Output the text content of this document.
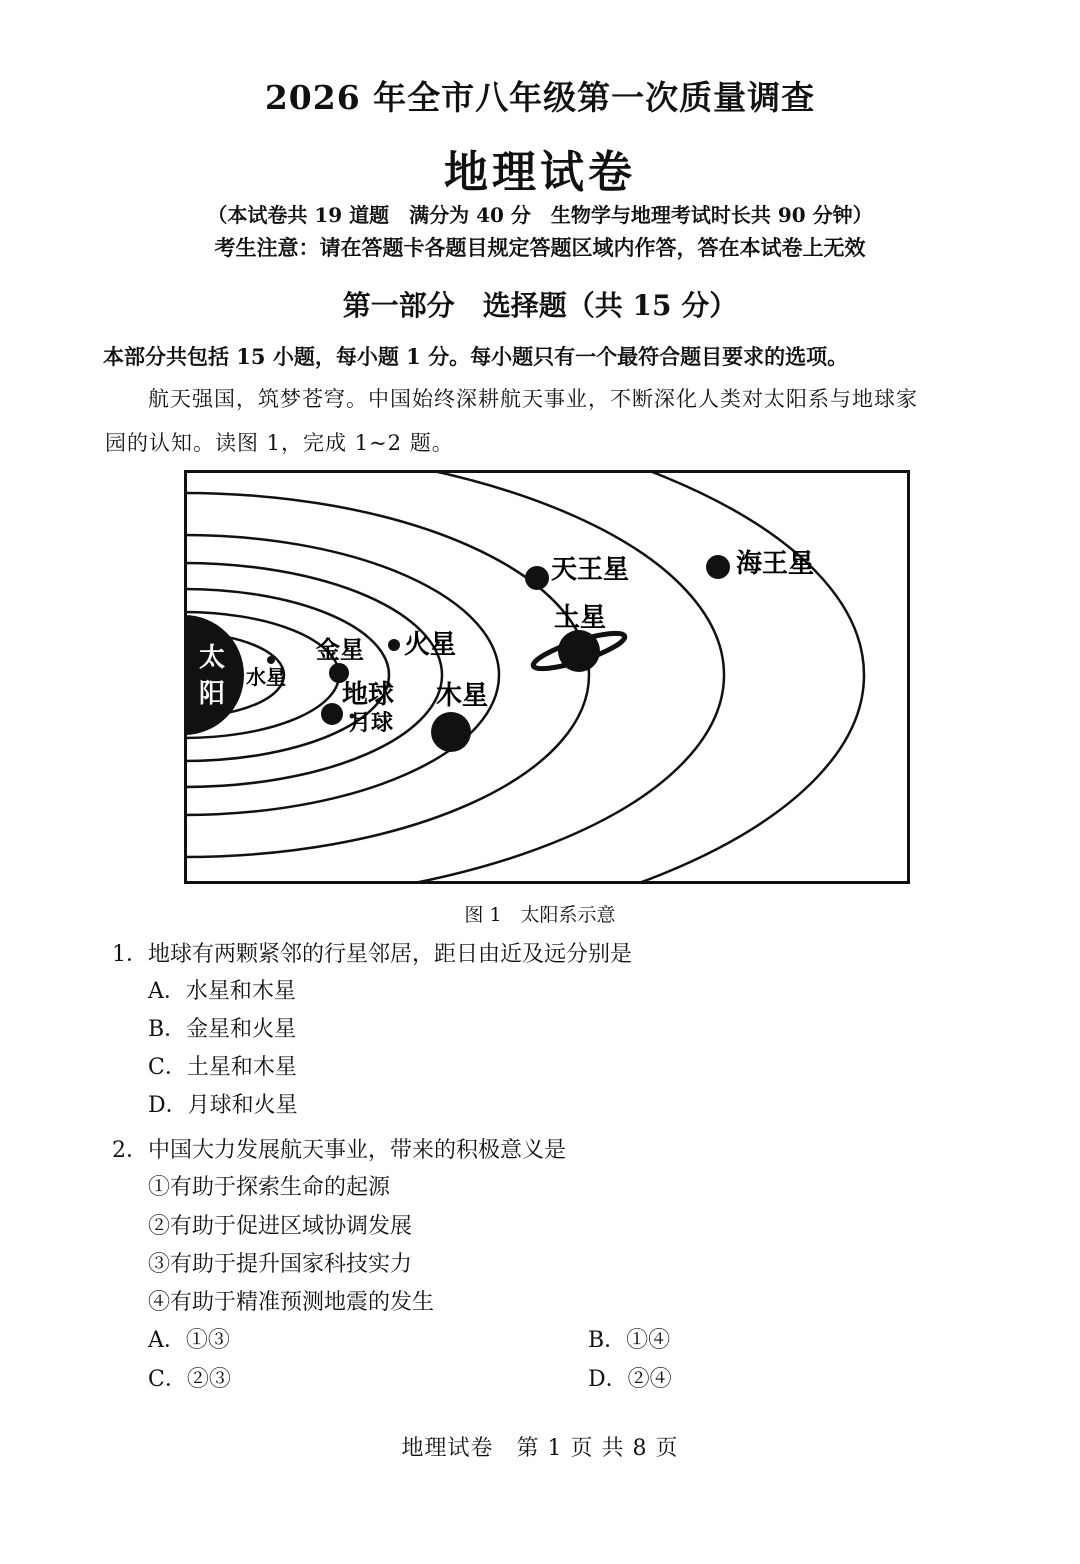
2026 年全市八年级第一次质量调查
地理试卷
（本试卷共 19 道题　满分为 40 分　生物学与地理考试时长共 90 分钟）
考生注意：请在答题卡各题目规定答题区域内作答，答在本试卷上无效
第一部分　选择题（共 15 分）
本部分共包括 15 小题，每小题 1 分。每小题只有一个最符合题目要求的选项。
航天强国，筑梦苍穹。中国始终深耕航天事业，不断深化人类对太阳系与地球家
园的认知。读图 1，完成 1~2 题。
太
阳
水星
金星 火星
地球
月球
木星
土星
天王星	海王星
图 1　太阳系示意
1．地球有两颗紧邻的行星邻居，距日由近及远分别是
A．水星和木星
B．金星和火星
C．土星和木星
D．月球和火星
2．中国大力发展航天事业，带来的积极意义是
①有助于探索生命的起源
②有助于促进区域协调发展
③有助于提升国家科技实力
④有助于精准预测地震的发生
A．①③	B．①④
C．②③	D．②④
地理试卷　第 1 页 共 8 页
